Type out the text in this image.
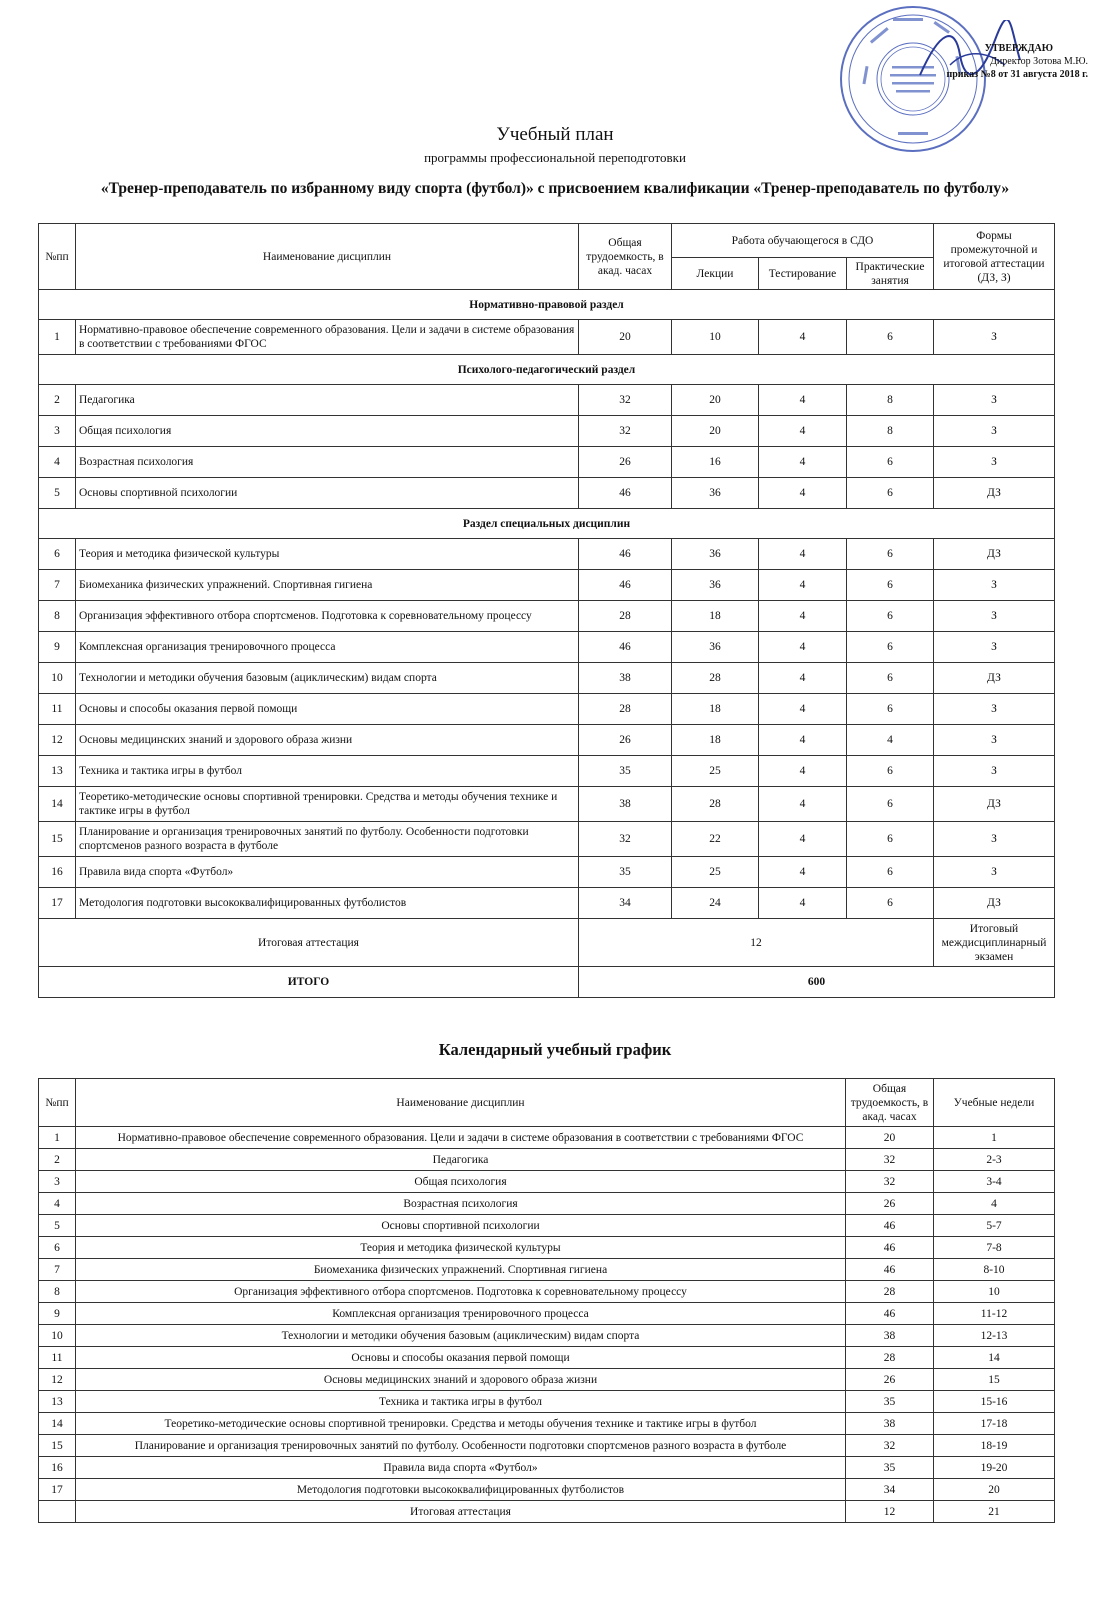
УТВЕРЖДАЮ
Директор Зотова М.Ю.
приказ №8 от 31 августа 2018 г.
Учебный план
программы профессиональной переподготовки
«Тренер-преподаватель по избранному виду спорта (футбол)» с присвоением квалификации «Тренер-преподаватель по футболу»
№пп	Наименование дисциплин	Общая трудоемкость, в акад. часах	Работа обучающегося в СДО			Формы промежуточной и итоговой аттестации (ДЗ, З)
			Лекции	Тестирование	Практические занятия	
Нормативно-правовой раздел						
1	Нормативно-правовое обеспечение современного образования. Цели и задачи в системе образования в соответствии с требованиями ФГОС	20	10	4	6	З
Психолого-педагогический раздел						
2	Педагогика	32	20	4	8	З
3	Общая психология	32	20	4	8	З
4	Возрастная психология	26	16	4	6	З
5	Основы спортивной психологии	46	36	4	6	ДЗ
Раздел специальных дисциплин						
6	Теория и методика физической культуры	46	36	4	6	ДЗ
7	Биомеханика физических упражнений. Спортивная гигиена	46	36	4	6	З
8	Организация эффективного отбора спортсменов. Подготовка к соревновательному процессу	28	18	4	6	З
9	Комплексная организация тренировочного процесса	46	36	4	6	З
10	Технологии и методики обучения базовым (ациклическим) видам спорта	38	28	4	6	ДЗ
11	Основы и способы оказания первой помощи	28	18	4	6	З
12	Основы медицинских знаний и здорового образа жизни	26	18	4	4	З
13	Техника и тактика игры в футбол	35	25	4	6	З
14	Теоретико-методические основы спортивной тренировки. Средства и методы обучения технике и тактике игры в футбол	38	28	4	6	ДЗ
15	Планирование и организация тренировочных занятий по футболу. Особенности подготовки спортсменов разного возраста в футболе	32	22	4	6	З
16	Правила вида спорта «Футбол»	35	25	4	6	З
17	Методология подготовки высококвалифицированных футболистов	34	24	4	6	ДЗ
Итоговая аттестация		12				Итоговый междисциплинарный экзамен
ИТОГО		600				
Календарный учебный график
№пп	Наименование дисциплин	Общая трудоемкость, в акад. часах	Учебные недели
1	Нормативно-правовое обеспечение современного образования. Цели и задачи в системе образования в соответствии с требованиями ФГОС	20	1
2	Педагогика	32	2-3
3	Общая психология	32	3-4
4	Возрастная психология	26	4
5	Основы спортивной психологии	46	5-7
6	Теория и методика физической культуры	46	7-8
7	Биомеханика физических упражнений. Спортивная гигиена	46	8-10
8	Организация эффективного отбора спортсменов. Подготовка к соревновательному процессу	28	10
9	Комплексная организация тренировочного процесса	46	11-12
10	Технологии и методики обучения базовым (ациклическим) видам спорта	38	12-13
11	Основы и способы оказания первой помощи	28	14
12	Основы медицинских знаний и здорового образа жизни	26	15
13	Техника и тактика игры в футбол	35	15-16
14	Теоретико-методические основы спортивной тренировки. Средства и методы обучения технике и тактике игры в футбол	38	17-18
15	Планирование и организация тренировочных занятий по футболу. Особенности подготовки спортсменов разного возраста в футболе	32	18-19
16	Правила вида спорта «Футбол»	35	19-20
17	Методология подготовки высококвалифицированных футболистов	34	20
	Итоговая аттестация	12	21
